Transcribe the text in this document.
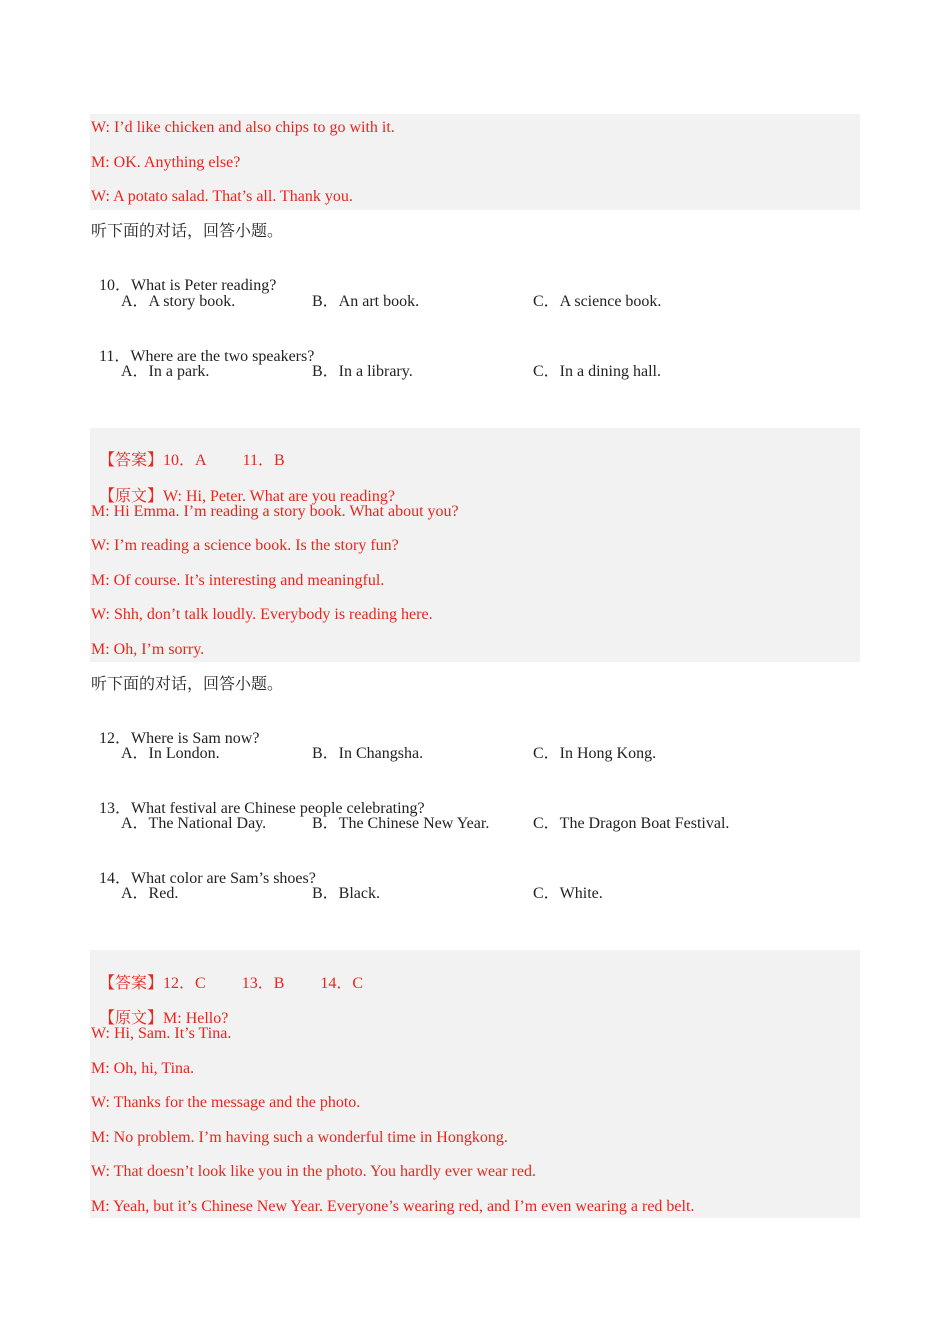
W: I’d like chicken and also chips to go with it.
M: OK. Anything else?
W: A potato salad. That’s all. Thank you.
听下面的对话，回答小题。

10．What is Peter reading?

A．A story book.	B．An art book.	C．A science book.

11．Where are the two speakers?

A．In a park.	B．In a library.	C．In a dining hall.

【答案】10．A 11．B

【原文】W: Hi, Peter. What are you reading?

M: Hi Emma. I’m reading a story book. What about you?
W: I’m reading a science book. Is the story fun?
M: Of course. It’s interesting and meaningful.
W: Shh, don’t talk loudly. Everybody is reading here.
M: Oh, I’m sorry.
听下面的对话，回答小题。

12．Where is Sam now?

A．In London.	B．In Changsha.	C．In Hong Kong.

13．What festival are Chinese people celebrating?

A．The National Day.	B．The Chinese New Year.	C．The Dragon Boat Festival.

14．What color are Sam’s shoes?

A．Red.	B．Black.	C．White.

【答案】12．C 13．B 14．C

【原文】M: Hello?

W: Hi, Sam. It’s Tina.
M: Oh, hi, Tina.
W: Thanks for the message and the photo.
M: No problem. I’m having such a wonderful time in Hongkong.
W: That doesn’t look like you in the photo. You hardly ever wear red.
M: Yeah, but it’s Chinese New Year. Everyone’s wearing red, and I’m even wearing a red belt.
